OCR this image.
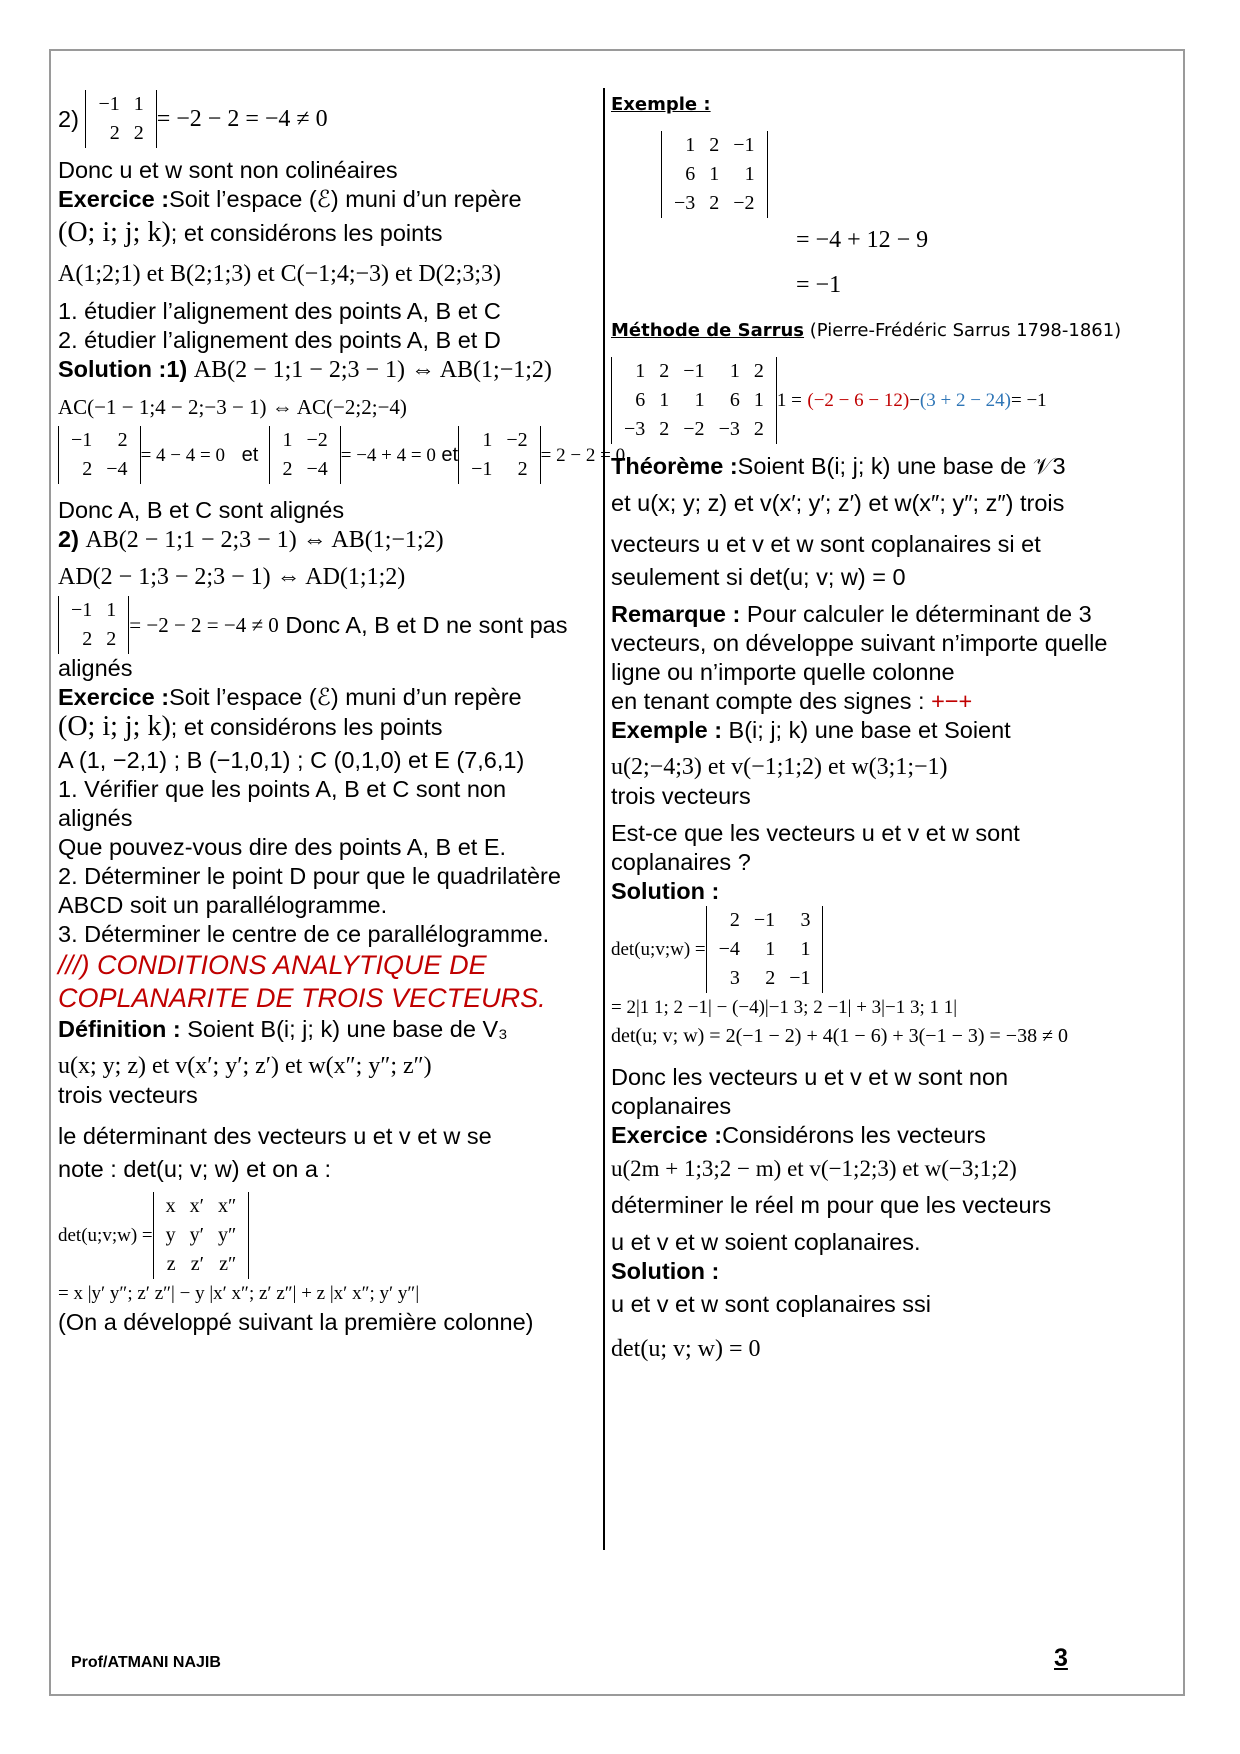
2)

−1	1
2	2
= −2 − 2 = −4 ≠ 0

Donc u et w sont non colinéaires

Exercice :Soit l’espace (ℰ) muni d’un repère

(O; i; j; k); et considérons les points

A(1;2;1) et B(2;1;3) et C(−1;4;−3) et D(2;3;3)

1. étudier l’alignement des points A, B et C

2. étudier l’alignement des points A, B et D

Solution :1) AB(2 − 1;1 − 2;3 − 1) ⇔ AB(1;−1;2)

AC(−1 − 1;4 − 2;−3 − 1) ⇔ AC(−2;2;−4)

−1	2
2	−4
= 4 − 4 = 0
et

1	−2
2	−4
= −4 + 4 = 0
et
1	−2
−1	2
= 2 − 2 = 0

Donc A, B et C sont alignés

2) AB(2 − 1;1 − 2;3 − 1) ⇔ AB(1;−1;2)

AD(2 − 1;3 − 2;3 − 1) ⇔ AD(1;1;2)

−1	1
2	2
= −2 − 2 = −4 ≠ 0
Donc A, B et D ne sont pas

alignés

Exercice :Soit l’espace (ℰ) muni d’un repère

(O; i; j; k); et considérons les points

A (1, −2,1) ; B (−1,0,1) ; C (0,1,0) et E (7,6,1)

1. Vérifier que les points A, B et C sont non

alignés

Que pouvez-vous dire des points A, B et E.

2. Déterminer le point D pour que le quadrilatère

ABCD soit un parallélogramme.

3. Déterminer le centre de ce parallélogramme.

///) CONDITIONS ANALYTIQUE DE

COPLANARITE DE TROIS VECTEURS.

Définition : Soient B(i; j; k) une base de V₃

u(x; y; z) et v(x′; y′; z′) et w(x″; y″; z″)

trois vecteurs

le déterminant des vecteurs u et v et w se

note : det(u; v; w) et on a :

det(u;v;w) =
x	x′	x″
y	y′	y″
z	z′	z″

= x |y′ y″; z′ z″| − y |x′ x″; z′ z″| + z |x′ x″; y′ y″|

(On a développé suivant la première colonne)

Exemple :

1	2	−1
6	1	1
−3	2	−2

= −4 + 12 − 9

= −1

Méthode de Sarrus (Pierre-Frédéric Sarrus 1798-1861)

1	2	−1	1	2
6	1	1	6	1
−3	2	−2	−3	2
1 =
(−2 − 6 − 12) − (3 + 2 − 24) = −1

Théorème :Soient B(i; j; k) une base de 𝒱3

et u(x; y; z) et v(x′; y′; z′) et w(x″; y″; z″) trois

vecteurs u et v et w sont coplanaires si et

seulement si det(u; v; w) = 0

Remarque : Pour calculer le déterminant de 3

vecteurs, on développe suivant n’importe quelle

ligne ou n’importe quelle colonne

en tenant compte des signes : +−+

Exemple : B(i; j; k) une base et Soient

u(2;−4;3) et v(−1;1;2) et w(3;1;−1)

trois vecteurs

Est-ce que les vecteurs u et v et w sont

coplanaires ?

Solution :

det(u;v;w) =
2	−1	3
−4	1	1
3	2	−1

= 2|1 1; 2 −1| − (−4)|−1 3; 2 −1| + 3|−1 3; 1 1|

det(u; v; w) = 2(−1 − 2) + 4(1 − 6) + 3(−1 − 3) = −38 ≠ 0

Donc les vecteurs u et v et w sont non

coplanaires

Exercice :Considérons les vecteurs

u(2m + 1;3;2 − m) et v(−1;2;3) et w(−3;1;2)

déterminer le réel m pour que les vecteurs

u et v et w soient coplanaires.

Solution :

u et v et w sont coplanaires ssi

det(u; v; w) = 0

Prof/ATMANI NAJIB	3
